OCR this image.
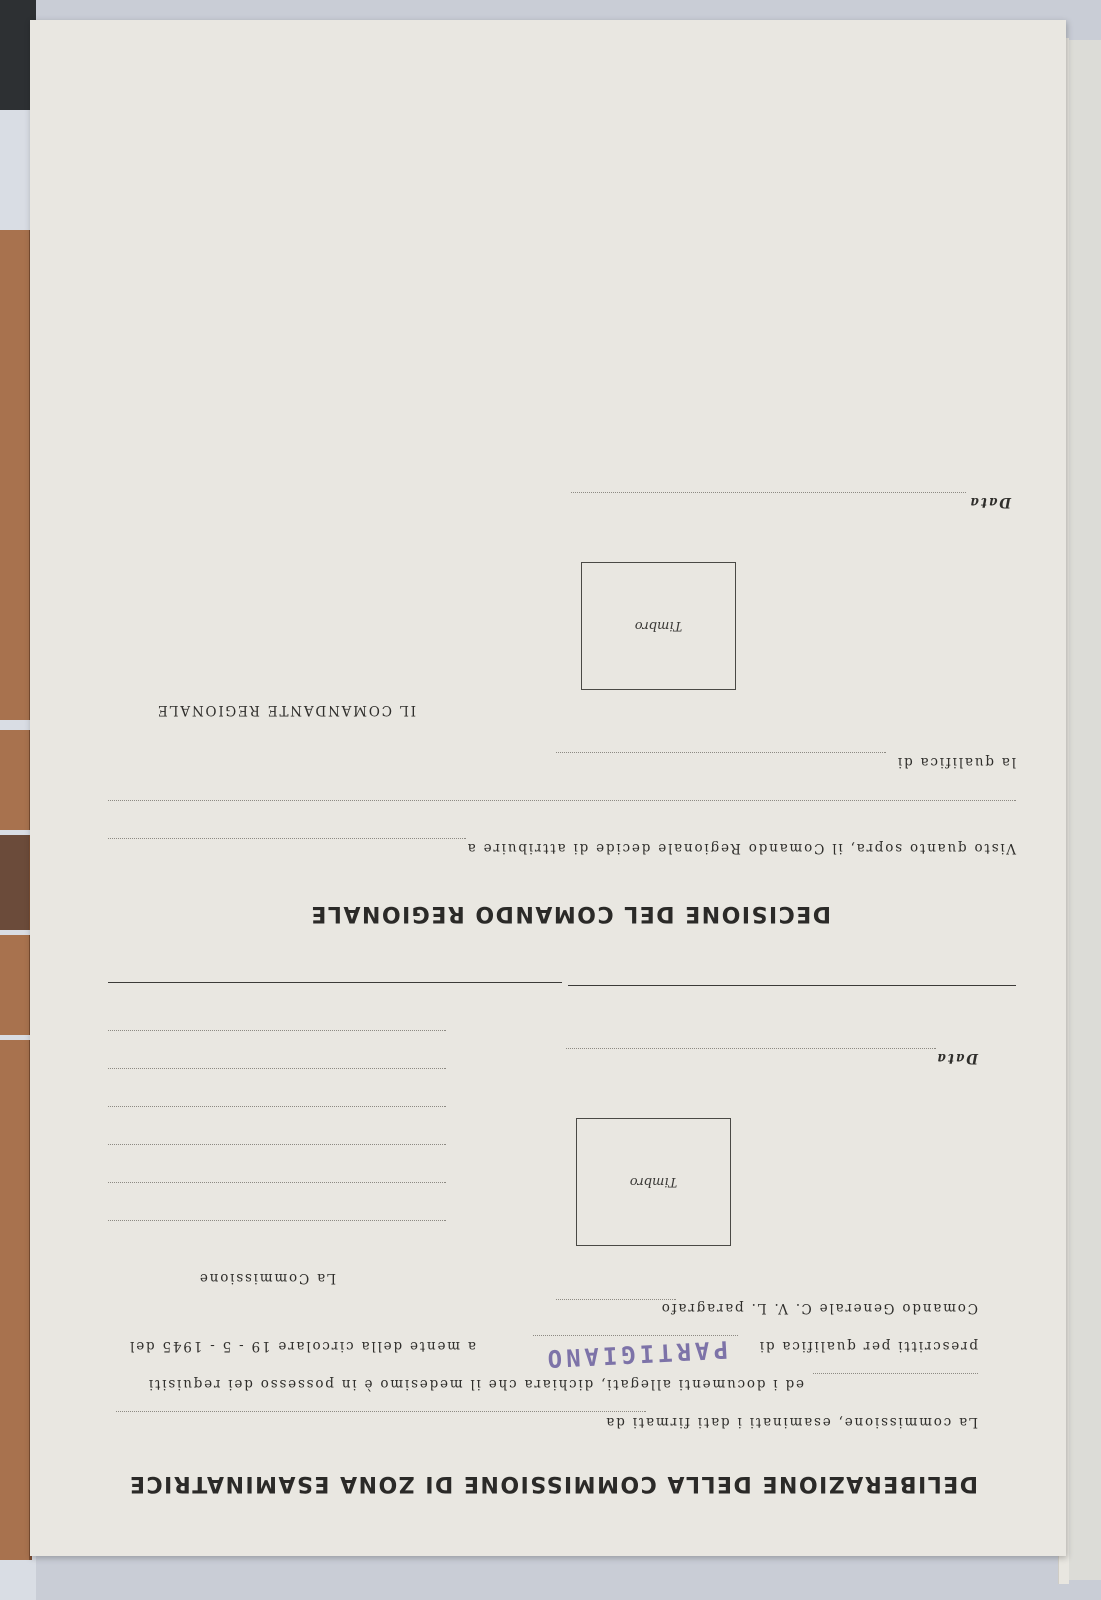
DELIBERAZIONE DELLA COMMISSIONE DI ZONA ESAMINATRICE
La commissione, esaminati i dati firmati da
ed i documenti allegati, dichiara che il medesimo è in possesso dei requisiti
prescritti per qualifica di
PARTIGIANO
a mente della circolare 19 - 5 - 1945 del
Comando Generale C. V. L. paragrafo
La Commissione
Timbro
Data
DECISIONE DEL COMANDO REGIONALE
Visto quanto sopra, il Comando Regionale decide di attribuire a
la qualifica di
IL COMANDANTE REGIONALE
Timbro
Data
